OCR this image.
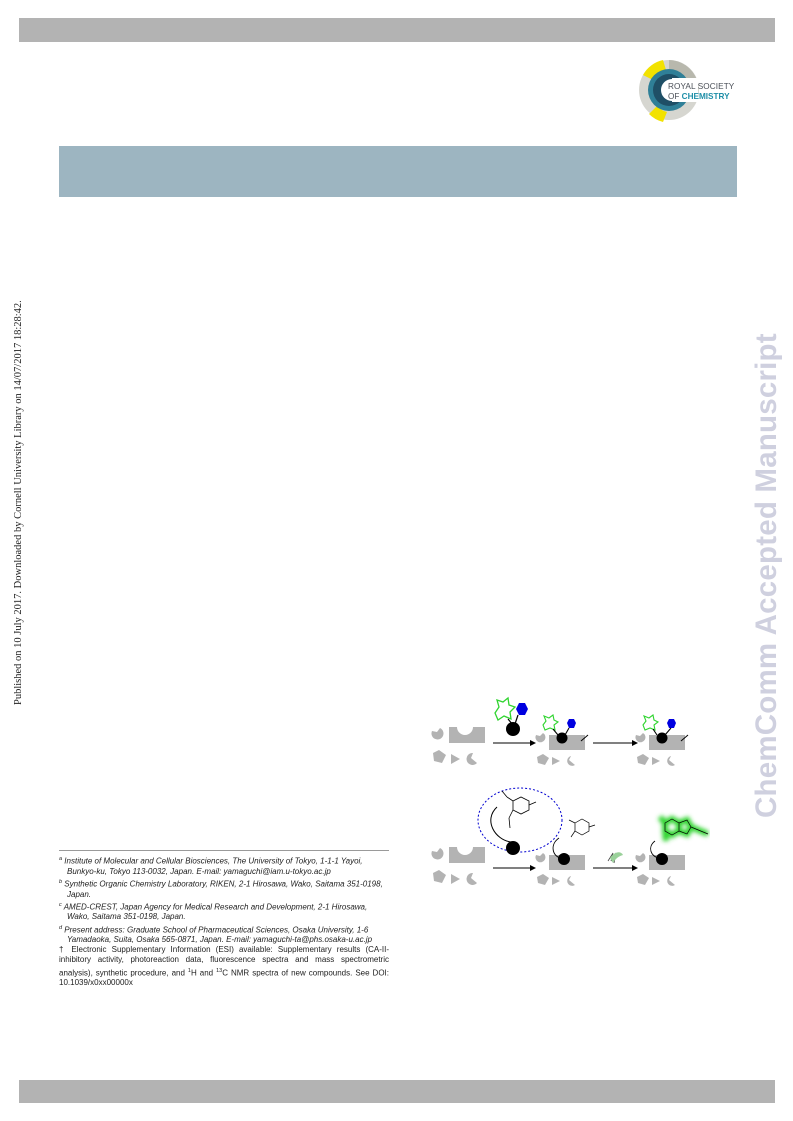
ROYAL SOCIETY
OF CHEMISTRY
Published on 10 July 2017. Downloaded by Cornell University Library on 14/07/2017 18:28:42.	ChemComm Accepted Manuscript

$^a$ Institute of Molecular and Cellular Biosciences, The University of Tokyo, 1-1-1 Yayoi, Bunkyo-ku, Tokyo 113-0032, Japan. E-mail: yamaguchi@iam.u-tokyo.ac.jp

$^b$ Synthetic Organic Chemistry Laboratory, RIKEN, 2-1 Hirosawa, Wako, Saitama 351-0198, Japan.

$^c$ AMED-CREST, Japan Agency for Medical Research and Development, 2-1 Hirosawa, Wako, Saitama 351-0198, Japan.

$^d$ Present address: Graduate School of Pharmaceutical Sciences, Osaka University, 1-6 Yamadaoka, Suita, Osaka 565-0871, Japan. E-mail: yamaguchi-ta@phs.osaka-u.ac.jp

† Electronic Supplementary Information (ESI) available: Supplementary results (CA-II-inhibitory activity, photoreaction data, fluorescence spectra and mass spectrometric analysis), synthetic procedure, and $^1$H and $^{13}$C NMR spectra of new compounds. See DOI: 10.1039/x0xx00000x
